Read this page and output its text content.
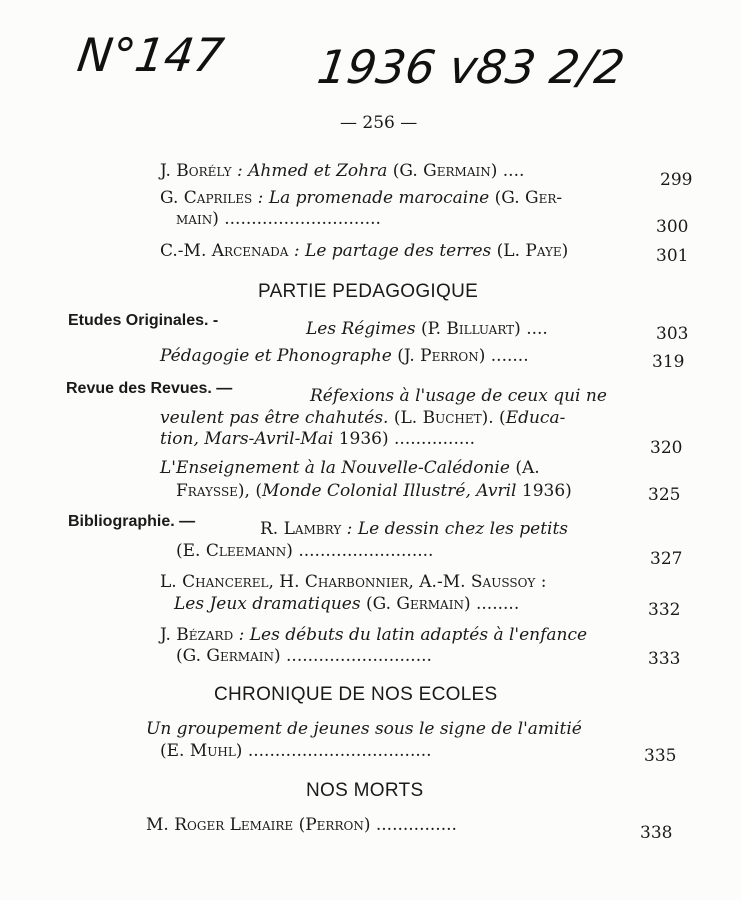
N°147 1936 v83 2/2
— 256 —
J. Borély : Ahmed et Zohra (G. Germain) ....	299
G. Capriles : La promenade marocaine (G. Ger-
main) .............................	300
C.-M. Arcenada : Le partage des terres (L. Paye)	301
PARTIE PEDAGOGIQUE
Etudes Originales. -	Les Régimes (P. Billuart) ....	303
Pédagogie et Phonographe (J. Perron) .......	319
Revue des Revues. —	Réfexions à l'usage de ceux qui ne
veulent pas être chahutés. (L. Buchet). (Educa-
tion, Mars-Avril-Mai 1936) ...............	320
L'Enseignement à la Nouvelle-Calédonie (A.
Fraysse), (Monde Colonial Illustré, Avril 1936)	325
Bibliographie. —	R. Lambry : Le dessin chez les petits
(E. Cleemann) .........................	327
L. Chancerel, H. Charbonnier, A.-M. Saussoy :
Les Jeux dramatiques (G. Germain) ........	332
J. Bézard : Les débuts du latin adaptés à l'enfance
(G. Germain) ...........................	333
CHRONIQUE DE NOS ECOLES
Un groupement de jeunes sous le signe de l'amitié
(E. Muhl) ..................................	335
NOS MORTS
M. Roger Lemaire (Perron) ...............	338
